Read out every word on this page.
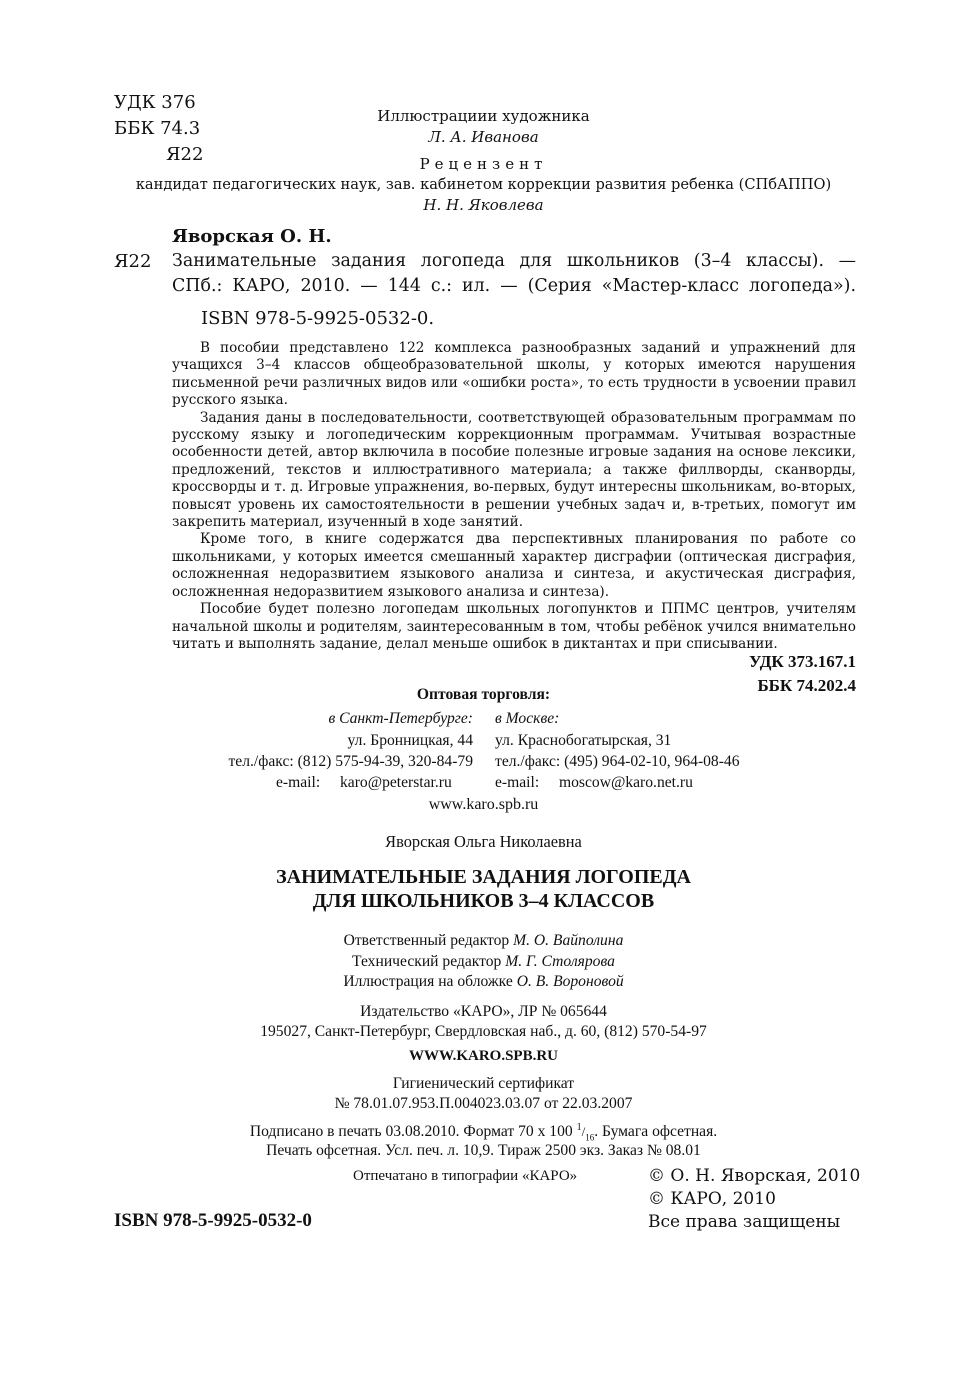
УДК 376
ББК 74.3
Я22
Иллюстрациии художника
Л. А. Иванова
Рецензент
кандидат педагогических наук, зав. кабинетом коррекции развития ребенка (СПбАППО)
Н. Н. Яковлева
Яворская О. Н.
Я22 Занимательные задания логопеда для школьников (3–4 классы). —
СПб.: КАРО, 2010. — 144 с.: ил. — (Серия «Мастер-класс логопеда»).
ISBN 978-5-9925-0532-0.

В пособии представлено 122 комплекса разнообразных заданий и упражнений для учащихся 3–4 классов общеобразовательной школы, у которых имеются нарушения письменной речи различных видов или «ошибки роста», то есть трудности в усвоении правил русского языка.

Задания даны в последовательности, соответствующей образовательным программам по русскому языку и логопедическим коррекционным программам. Учитывая возрастные особенности детей, автор включила в пособие полезные игровые задания на основе лексики, предложений, текстов и иллюстративного материала; а также филлворды, сканворды, кроссворды и т. д. Игровые упражнения, во-первых, будут интересны школьникам, во-вторых, повысят уровень их самостоятельности в решении учебных задач и, в-третьих, помогут им закрепить материал, изученный в ходе занятий.

Кроме того, в книге содержатся два перспективных планирования по работе со школьниками, у которых имеется смешанный характер дисграфии (оптическая дисграфия, осложненная недоразвитием языкового анализа и синтеза, и акустическая дисграфия, осложненная недоразвитием языкового анализа и синтеза).

Пособие будет полезно логопедам школьных логопунктов и ППМС центров, учителям начальной школы и родителям, заинтересованным в том, чтобы ребёнок учился внимательно читать и выполнять задание, делал меньше ошибок в диктантах и при списывании.

УДК 373.167.1
ББК 74.202.4
Оптовая торговля:
в Санкт-Петербурге:
ул. Бронницкая, 44
тел./факс: (812) 575-94-39, 320-84-79
e-mail: karo@peterstar.ru
в Москве:
ул. Краснобогатырская, 31
тел./факс: (495) 964-02-10, 964-08-46
e-mail: moscow@karo.net.ru
www.karo.spb.ru
Яворская Ольга Николаевна
ЗАНИМАТЕЛЬНЫЕ ЗАДАНИЯ ЛОГОПЕДА
ДЛЯ ШКОЛЬНИКОВ 3–4 КЛАССОВ
Ответственный редактор М. О. Вайполина
Технический редактор М. Г. Столярова
Иллюстрация на обложке О. В. Вороновой
Издательство «КАРО», ЛР № 065644
195027, Санкт-Петербург, Свердловская наб., д. 60, (812) 570-54-97
WWW.KARO.SPB.RU
Гигиенический сертификат
№ 78.01.07.953.П.004023.03.07 от 22.03.2007
Подписано в печать 03.08.2010. Формат 70 х 100 $^1/_{16}$. Бумага офсетная.
Печать офсетная. Усл. печ. л. 10,9. Тираж 2500 экз. Заказ № 08.01
Отпечатано в типографии «КАРО»	© О. Н. Яворская, 2010
© КАРО, 2010
Все права защищены
ISBN 978-5-9925-0532-0
